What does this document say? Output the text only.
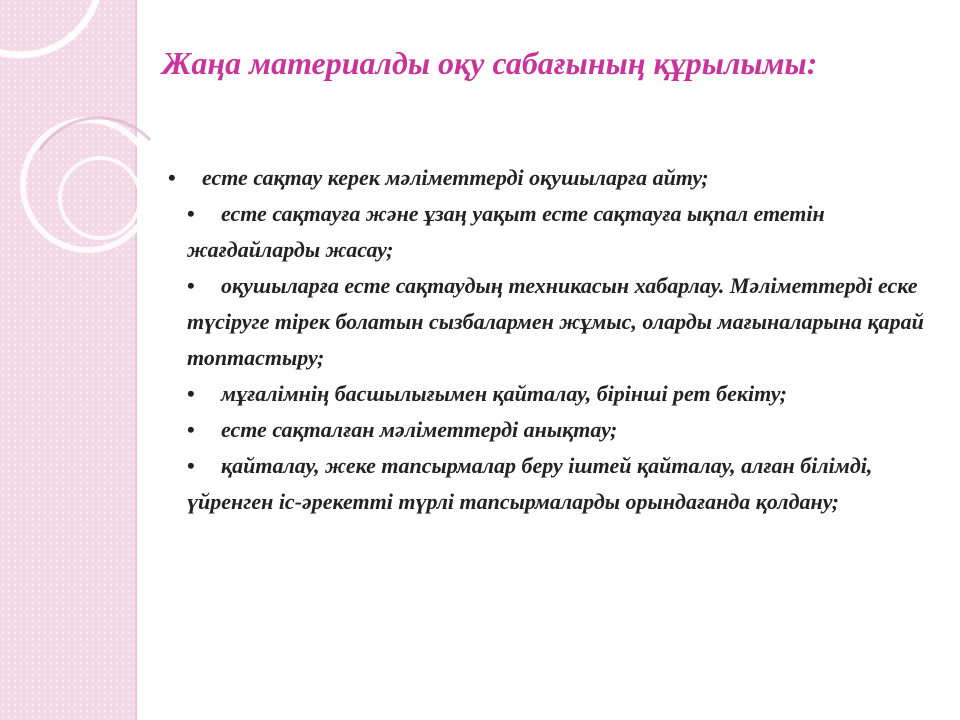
Жаңа материалды оқу сабағының құрылымы:

• есте сақтау керек мәліметтерді оқушыларға айту;

• есте сақтауға және ұзаң уақыт есте сақтауға ықпал ететін жағдайларды жасау;

• оқушыларға есте сақтаудың техникасын хабарлау. Мәліметтерді еске түсіруге тірек болатын сызбалармен жұмыс, оларды мағыналарына қарай топтастыру;

• мұғалімнің басшылығымен қайталау, бірінші рет бекіту;

• есте сақталған мәліметтерді анықтау;

• қайталау, жеке тапсырмалар беру іштей қайталау, алған білімді, үйренген іс-әрекетті түрлі тапсырмаларды орындағанда қолдану;
